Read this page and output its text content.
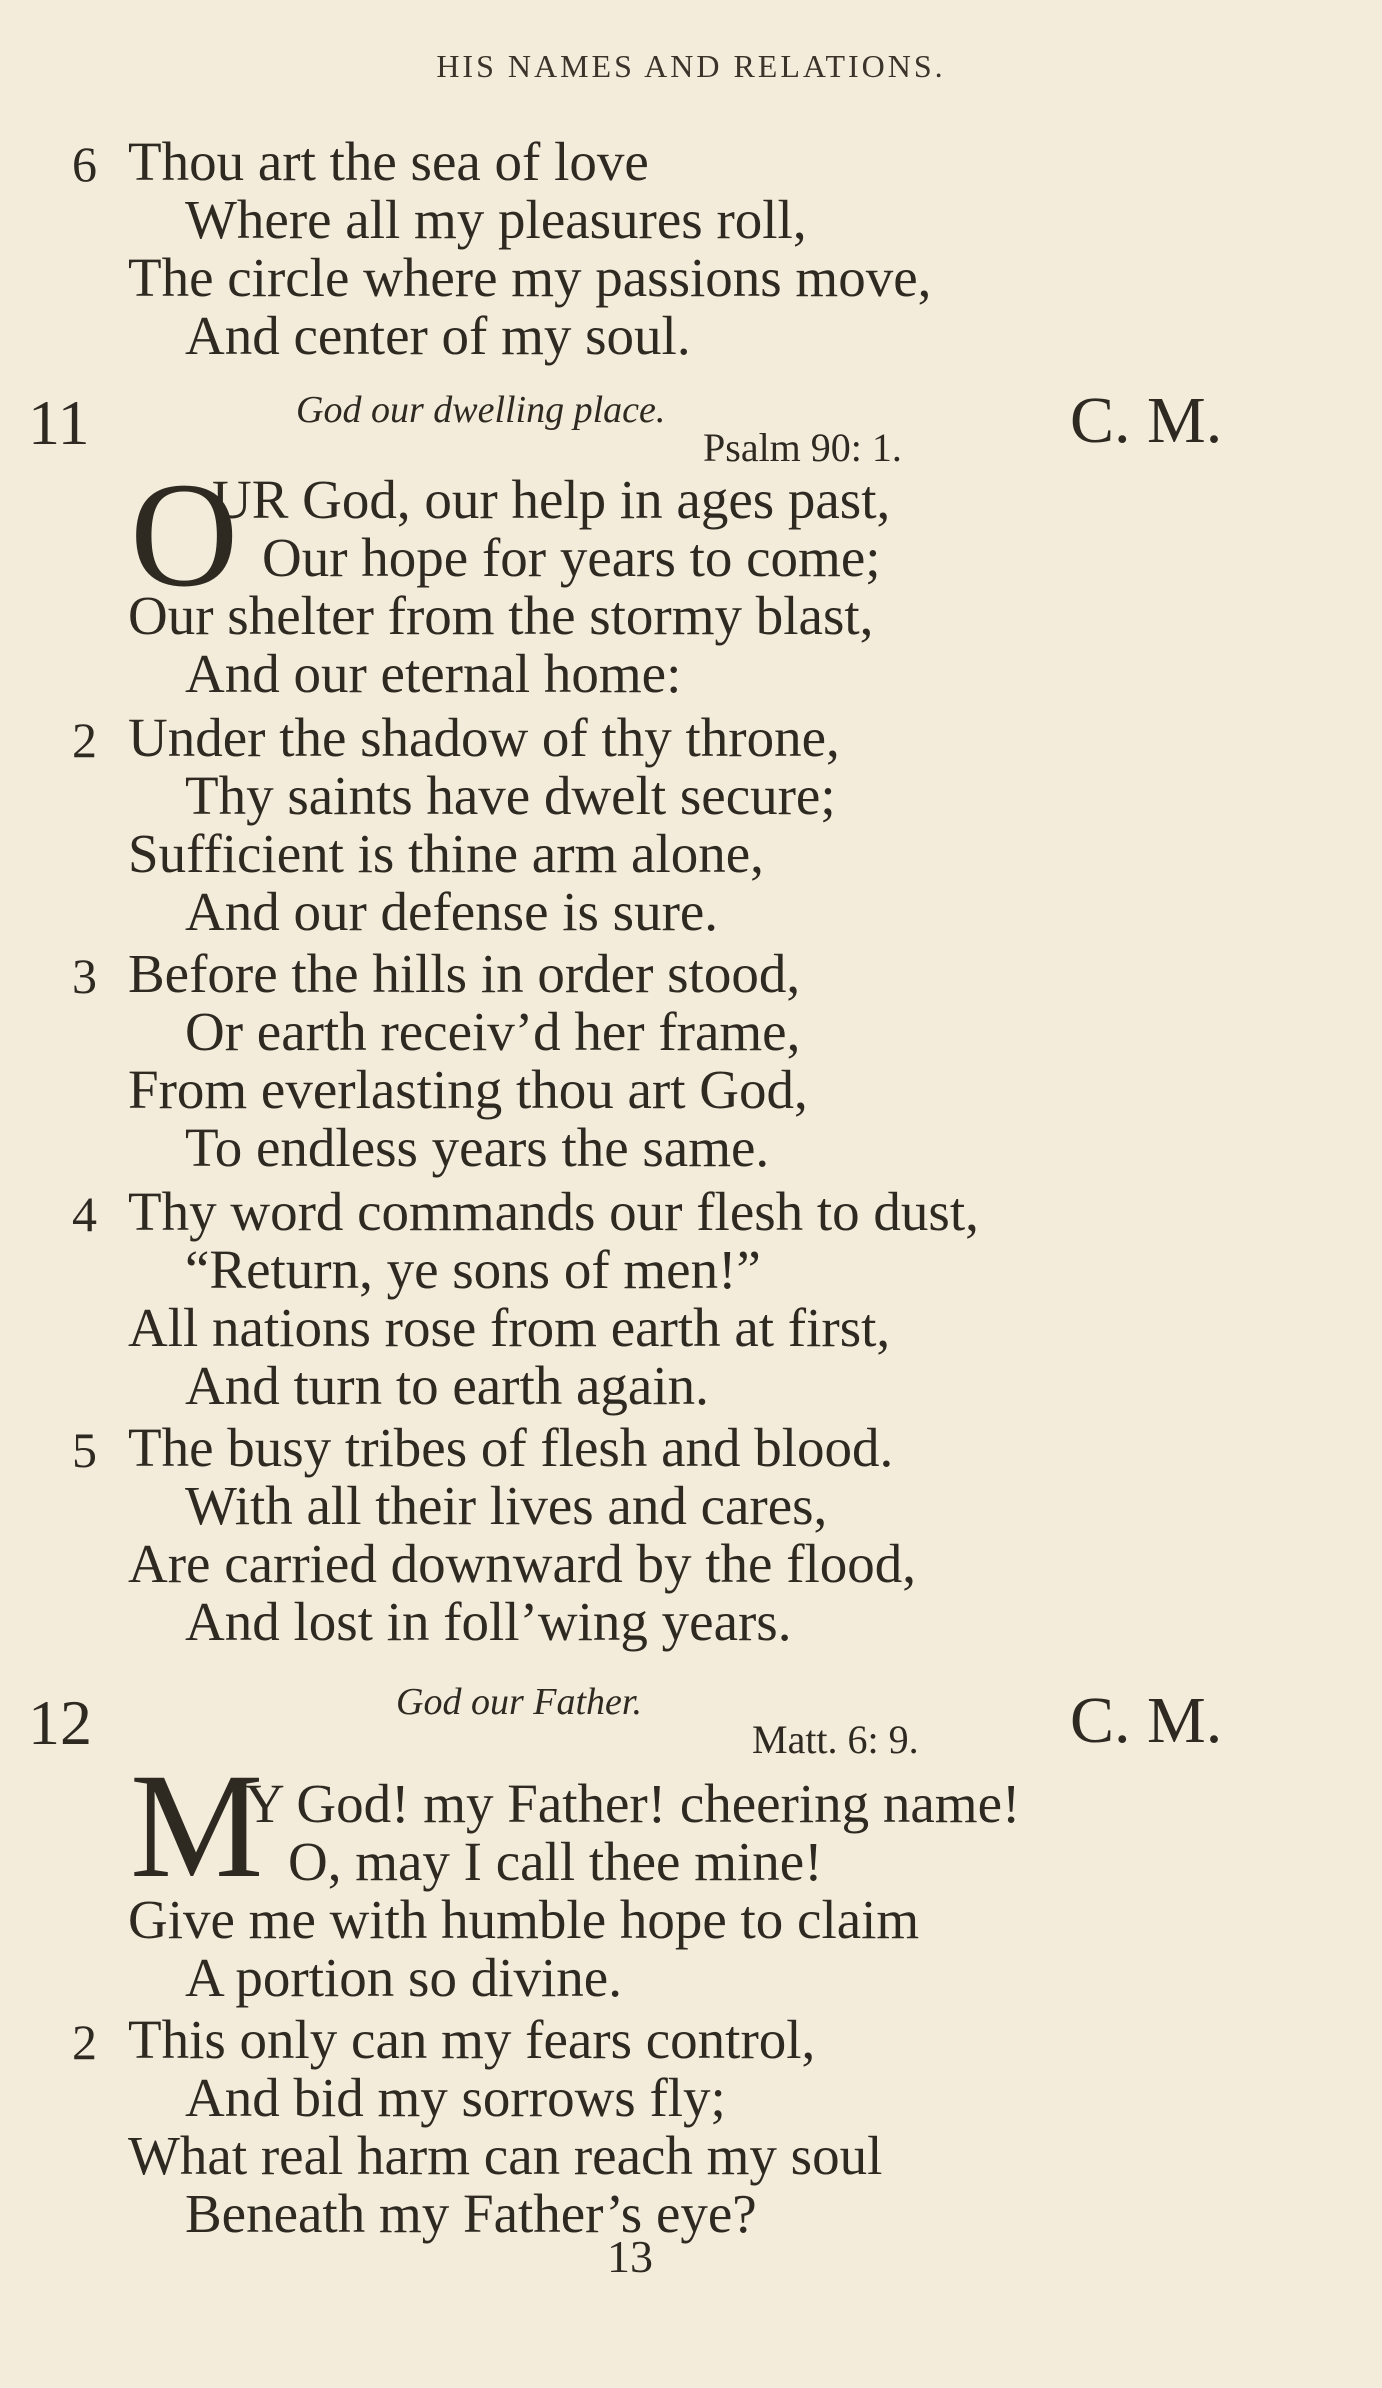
HIS NAMES AND RELATIONS.
6 Thou art the sea of love
Where all my pleasures roll,
The circle where my passions move,
And center of my soul.
11	God our dwelling place.
Psalm 90: 1.	C. M.
O
UR God, our help in ages past,
Our hope for years to come;
Our shelter from the stormy blast,
And our eternal home:
2 Under the shadow of thy throne,
Thy saints have dwelt secure;
Sufficient is thine arm alone,
And our defense is sure.
3 Before the hills in order stood,
Or earth receiv’d her frame,
From everlasting thou art God,
To endless years the same.
4 Thy word commands our flesh to dust,
“Return, ye sons of men!”
All nations rose from earth at first,
And turn to earth again.
5 The busy tribes of flesh and blood.
With all their lives and cares,
Are carried downward by the flood,
And lost in foll’wing years.
12	God our Father.
Matt. 6: 9. C. M.
M
Y God! my Father! cheering name!
O, may I call thee mine!
Give me with humble hope to claim
A portion so divine.
2 This only can my fears control,
And bid my sorrows fly;
What real harm can reach my soul
Beneath my Father’s eye?
13
